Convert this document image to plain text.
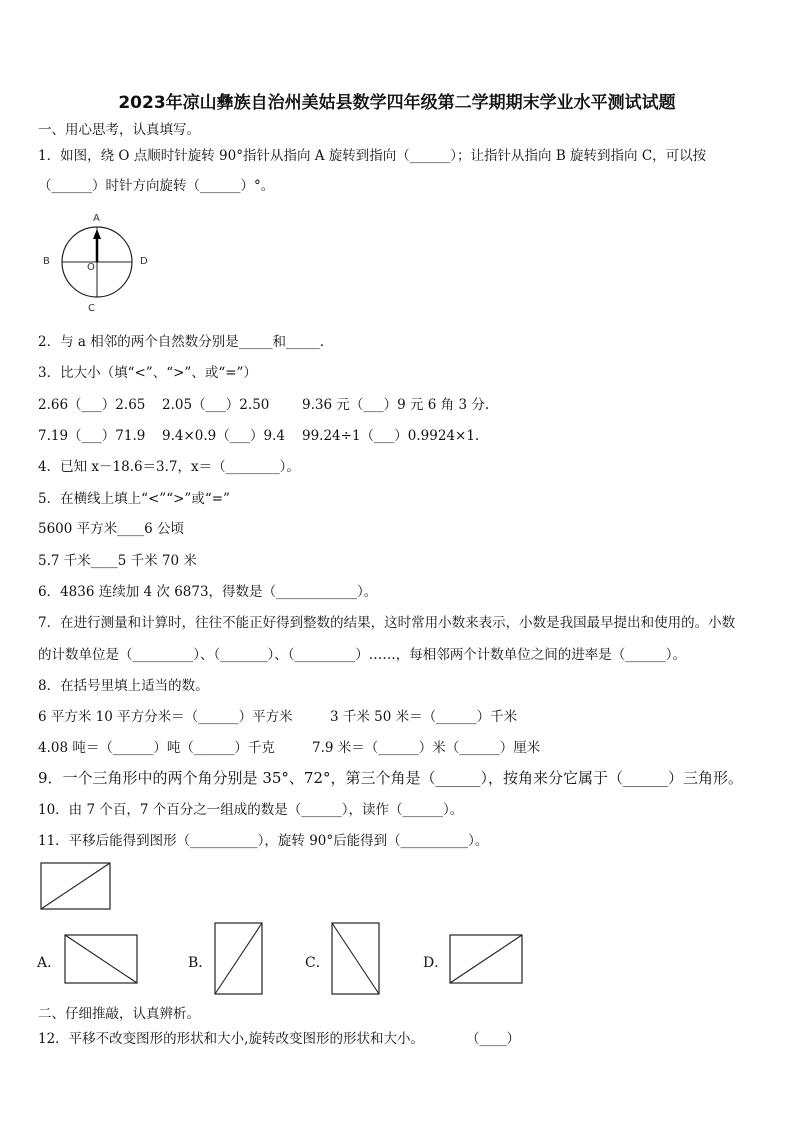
2023年凉山彝族自治州美姑县数学四年级第二学期期末学业水平测试试题
一、用心思考，认真填写。
1．如图，绕 O 点顺时针旋转 90°指针从指向 A 旋转到指向（______）；让指针从指向 B 旋转到指向 C，可以按
（______）时针方向旋转（______）°。
A
B	D
C
O
2．与 a 相邻的两个自然数分别是_____和_____.
3．比大小（填“<”、“>”、或“=”）
2.66（___）2.65 2.05（___）2.50 9.36 元（___）9 元 6 角 3 分.
7.19（___）71.9 9.4×0.9（___）9.4 99.24÷1（___）0.9924×1.
4．已知 x－18.6＝3.7，x＝（________）。
5．在横线上填上“<”“>”或“=”
5600 平方米____6 公顷
5.7 千米____5 千米 70 米
6．4836 连续加 4 次 6873，得数是（____________）。
7．在进行测量和计算时，往往不能正好得到整数的结果，这时常用小数来表示，小数是我国最早提出和使用的。小数
的计数单位是（_________）、（_______）、（_________）……，每相邻两个计数单位之间的进率是（______）。
8．在括号里填上适当的数。
6 平方米 10 平方分米＝（______）平方米	3 千米 50 米＝（______）千米
4.08 吨＝（______）吨（______）千克	7.9 米＝（______）米（______）厘米
9．一个三角形中的两个角分别是 35°、72°，第三个角是（______），按角来分它属于（______）三角形。
10．由 7 个百，7 个百分之一组成的数是（______），读作（______）。
11．平移后能得到图形（__________），旋转 90°后能得到（__________）。
A．	B．	C．	D．
二、仔细推敲，认真辨析。
12．平移不改变图形的形状和大小,旋转改变图形的形状和大小。	（____）
